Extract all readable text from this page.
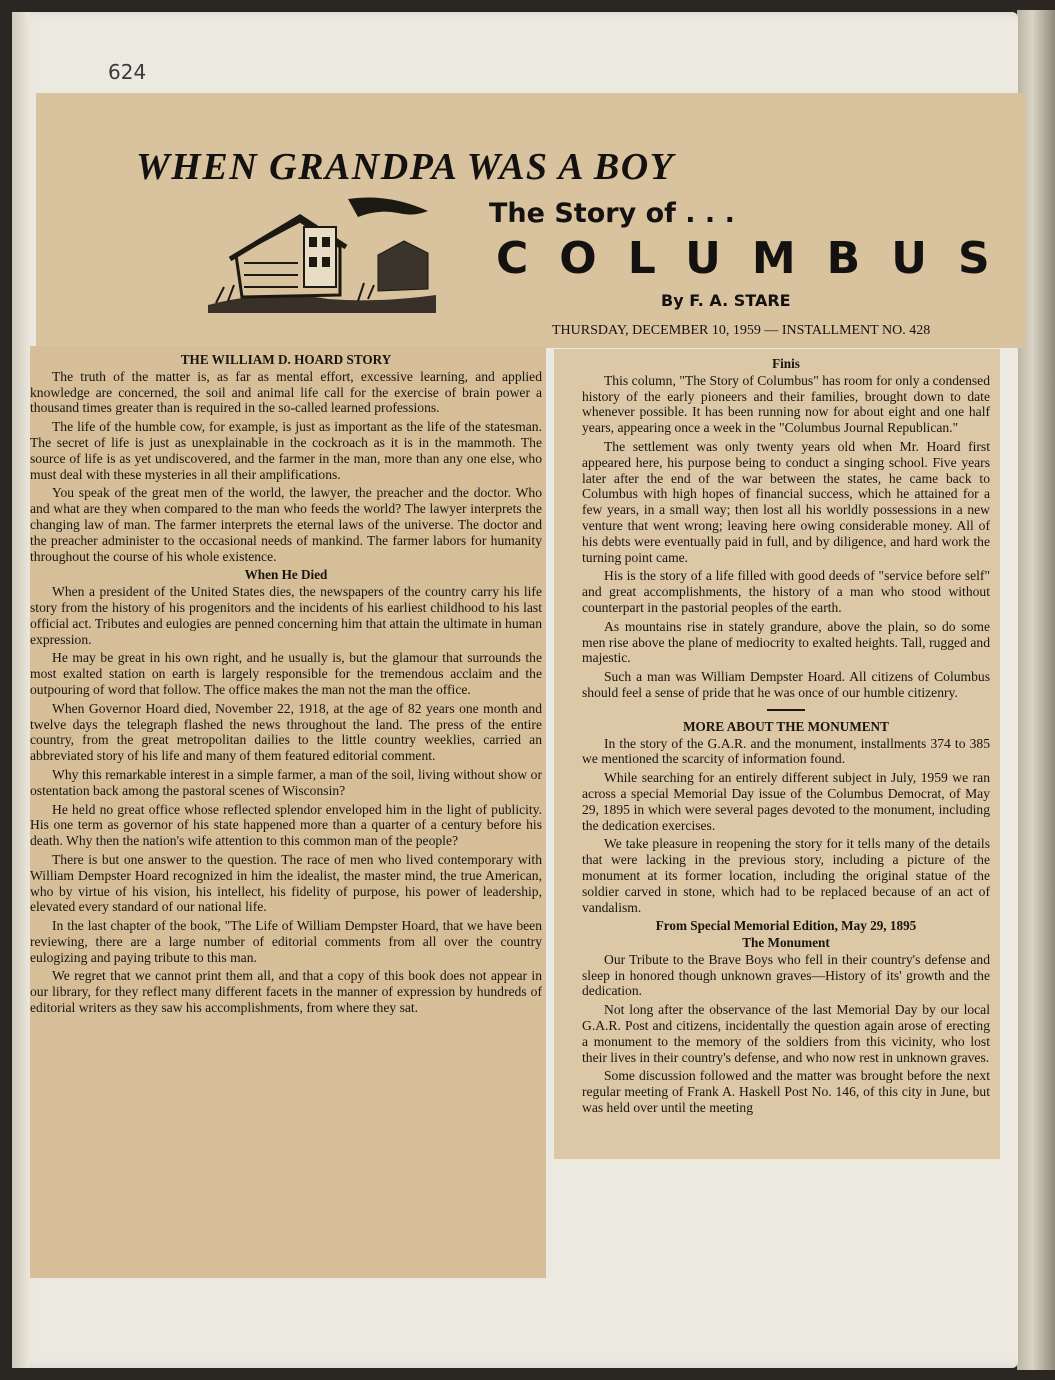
624
WHEN GRANDPA WAS A BOY
The Story of . . .
COLUMBUS
By F. A. STARE
THURSDAY, DECEMBER 10, 1959 — INSTALLMENT NO. 428
THE WILLIAM D. HOARD STORY

The truth of the matter is, as far as mental effort, excessive learning, and applied knowledge are concerned, the soil and animal life call for the exercise of brain power a thousand times greater than is required in the so-called learned professions.

The life of the humble cow, for example, is just as important as the life of the statesman. The secret of life is just as unexplainable in the cockroach as it is in the mammoth. The source of life is as yet undiscovered, and the farmer in the man, more than any one else, who must deal with these mysteries in all their amplifications.

You speak of the great men of the world, the lawyer, the preacher and the doctor. Who and what are they when compared to the man who feeds the world? The lawyer interprets the changing law of man. The farmer interprets the eternal laws of the universe. The doctor and the preacher administer to the occasional needs of mankind. The farmer labors for humanity throughout the course of his whole existence.

When He Died

When a president of the United States dies, the newspapers of the country carry his life story from the history of his progenitors and the incidents of his earliest childhood to his last official act. Tributes and eulogies are penned concerning him that attain the ultimate in human expression.

He may be great in his own right, and he usually is, but the glamour that surrounds the most exalted station on earth is largely responsible for the tremendous acclaim and the outpouring of word that follow. The office makes the man not the man the office.

When Governor Hoard died, November 22, 1918, at the age of 82 years one month and twelve days the telegraph flashed the news throughout the land. The press of the entire country, from the great metropolitan dailies to the little country weeklies, carried an abbreviated story of his life and many of them featured editorial comment.

Why this remarkable interest in a simple farmer, a man of the soil, living without show or ostentation back among the pastoral scenes of Wisconsin?

He held no great office whose reflected splendor enveloped him in the light of publicity. His one term as governor of his state happened more than a quarter of a century before his death. Why then the nation's wife attention to this common man of the people?

There is but one answer to the question. The race of men who lived contemporary with William Dempster Hoard recognized in him the idealist, the master mind, the true American, who by virtue of his vision, his intellect, his fidelity of purpose, his power of leadership, elevated every standard of our national life.

In the last chapter of the book, "The Life of William Dempster Hoard, that we have been reviewing, there are a large number of editorial comments from all over the country eulogizing and paying tribute to this man.

We regret that we cannot print them all, and that a copy of this book does not appear in our library, for they reflect many different facets in the manner of expression by hundreds of editorial writers as they saw his accomplishments, from where they sat.

Finis

This column, "The Story of Columbus" has room for only a condensed history of the early pioneers and their families, brought down to date whenever possible. It has been running now for about eight and one half years, appearing once a week in the "Columbus Journal Republican."

The settlement was only twenty years old when Mr. Hoard first appeared here, his purpose being to conduct a singing school. Five years later after the end of the war between the states, he came back to Columbus with high hopes of financial success, which he attained for a few years, in a small way; then lost all his worldly possessions in a new venture that went wrong; leaving here owing considerable money. All of his debts were eventually paid in full, and by diligence, and hard work the turning point came.

His is the story of a life filled with good deeds of "service before self" and great accomplishments, the history of a man who stood without counterpart in the pastorial peoples of the earth.

As mountains rise in stately grandure, above the plain, so do some men rise above the plane of mediocrity to exalted heights. Tall, rugged and majestic.

Such a man was William Dempster Hoard. All citizens of Columbus should feel a sense of pride that he was once of our humble citizenry.

MORE ABOUT THE MONUMENT

In the story of the G.A.R. and the monument, installments 374 to 385 we mentioned the scarcity of information found.

While searching for an entirely different subject in July, 1959 we ran across a special Memorial Day issue of the Columbus Democrat, of May 29, 1895 in which were several pages devoted to the monument, including the dedication exercises.

We take pleasure in reopening the story for it tells many of the details that were lacking in the previous story, including a picture of the monument at its former location, including the original statue of the soldier carved in stone, which had to be replaced because of an act of vandalism.

From Special Memorial Edition, May 29, 1895
The Monument

Our Tribute to the Brave Boys who fell in their country's defense and sleep in honored though unknown graves—History of its' growth and the dedication.

Not long after the observance of the last Memorial Day by our local G.A.R. Post and citizens, incidentally the question again arose of erecting a monument to the memory of the soldiers from this vicinity, who lost their lives in their country's defense, and who now rest in unknown graves.

Some discussion followed and the matter was brought before the next regular meeting of Frank A. Haskell Post No. 146, of this city in June, but was held over until the meeting
